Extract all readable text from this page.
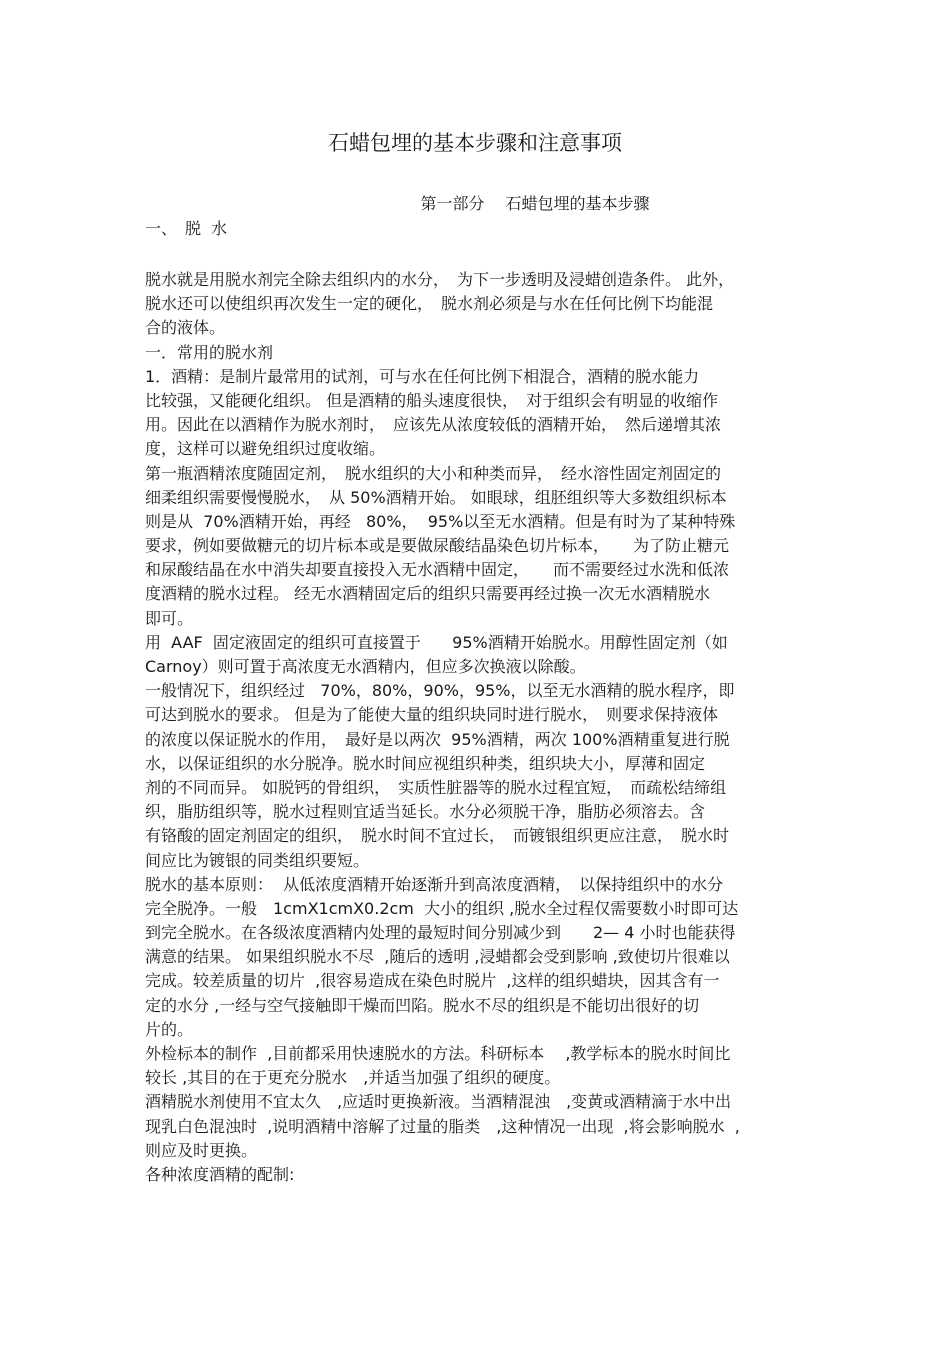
石蜡包埋的基本步骤和注意事项
第一部分　 石蜡包埋的基本步骤
一、　脱  水
脱水就是用脱水剂完全除去组织内的水分，　为下一步透明及浸蜡创造条件。 此外，
脱水还可以使组织再次发生一定的硬化，　脱水剂必须是与水在任何比例下均能混
合的液体。
一．常用的脱水剂
1．酒精：是制片最常用的试剂，可与水在任何比例下相混合，酒精的脱水能力
比较强，又能硬化组织。 但是酒精的船头速度很快，　对于组织会有明显的收缩作
用。因此在以酒精作为脱水剂时，　应该先从浓度较低的酒精开始，　然后递增其浓
度，这样可以避免组织过度收缩。
第一瓶酒精浓度随固定剂，　脱水组织的大小和种类而异，　经水溶性固定剂固定的
细柔组织需要慢慢脱水，　从 50%酒精开始。 如眼球，组胚组织等大多数组织标本
则是从  70%酒精开始，再经   80%，  95%以至无水酒精。但是有时为了某种特殊
要求，例如要做糖元的切片标本或是要做尿酸结晶染色切片标本，　　为了防止糖元
和尿酸结晶在水中消失却要直接投入无水酒精中固定，　　而不需要经过水洗和低浓
度酒精的脱水过程。 经无水酒精固定后的组织只需要再经过换一次无水酒精脱水
即可。
用  AAF  固定液固定的组织可直接置于　   95%酒精开始脱水。用醇性固定剂（如
Carnoy）则可置于高浓度无水酒精内，但应多次换液以除酸。
一般情况下，组织经过   70%，80%，90%，95%，以至无水酒精的脱水程序，即
可达到脱水的要求。 但是为了能使大量的组织块同时进行脱水，　则要求保持液体
的浓度以保证脱水的作用，　最好是以两次  95%酒精，两次 100%酒精重复进行脱
水，以保证组织的水分脱净。脱水时间应视组织种类，组织块大小，厚薄和固定
剂的不同而异。 如脱钙的骨组织，　实质性脏器等的脱水过程宜短，　而疏松结缔组
织，脂肪组织等，脱水过程则宜适当延长。水分必须脱干净，脂肪必须溶去。含
有铬酸的固定剂固定的组织，　脱水时间不宜过长，　而镀银组织更应注意，　脱水时
间应比为镀银的同类组织要短。
脱水的基本原则：  从低浓度酒精开始逐渐升到高浓度酒精，　以保持组织中的水分
完全脱净。一般　1cmX1cmX0.2cm  大小的组织 ,脱水全过程仅需要数小时即可达
到完全脱水。在各级浓度酒精内处理的最短时间分别减少到　　2— 4 小时也能获得
满意的结果。 如果组织脱水不尽  ,随后的透明 ,浸蜡都会受到影响 ,致使切片很难以
完成。较差质量的切片  ,很容易造成在染色时脱片  ,这样的组织蜡块，因其含有一
定的水分 ,一经与空气接触即干燥而凹陷。脱水不尽的组织是不能切出很好的切
片的。
外检标本的制作  ,目前都采用快速脱水的方法。科研标本　 ,教学标本的脱水时间比
较长 ,其目的在于更充分脱水　,并适当加强了组织的硬度。
酒精脱水剂使用不宜太久　,应适时更换新液。当酒精混浊　,变黄或酒精滴于水中出
现乳白色混浊时  ,说明酒精中溶解了过量的脂类　,这种情况一出现  ,将会影响脱水  ,
则应及时更换。
各种浓度酒精的配制:
